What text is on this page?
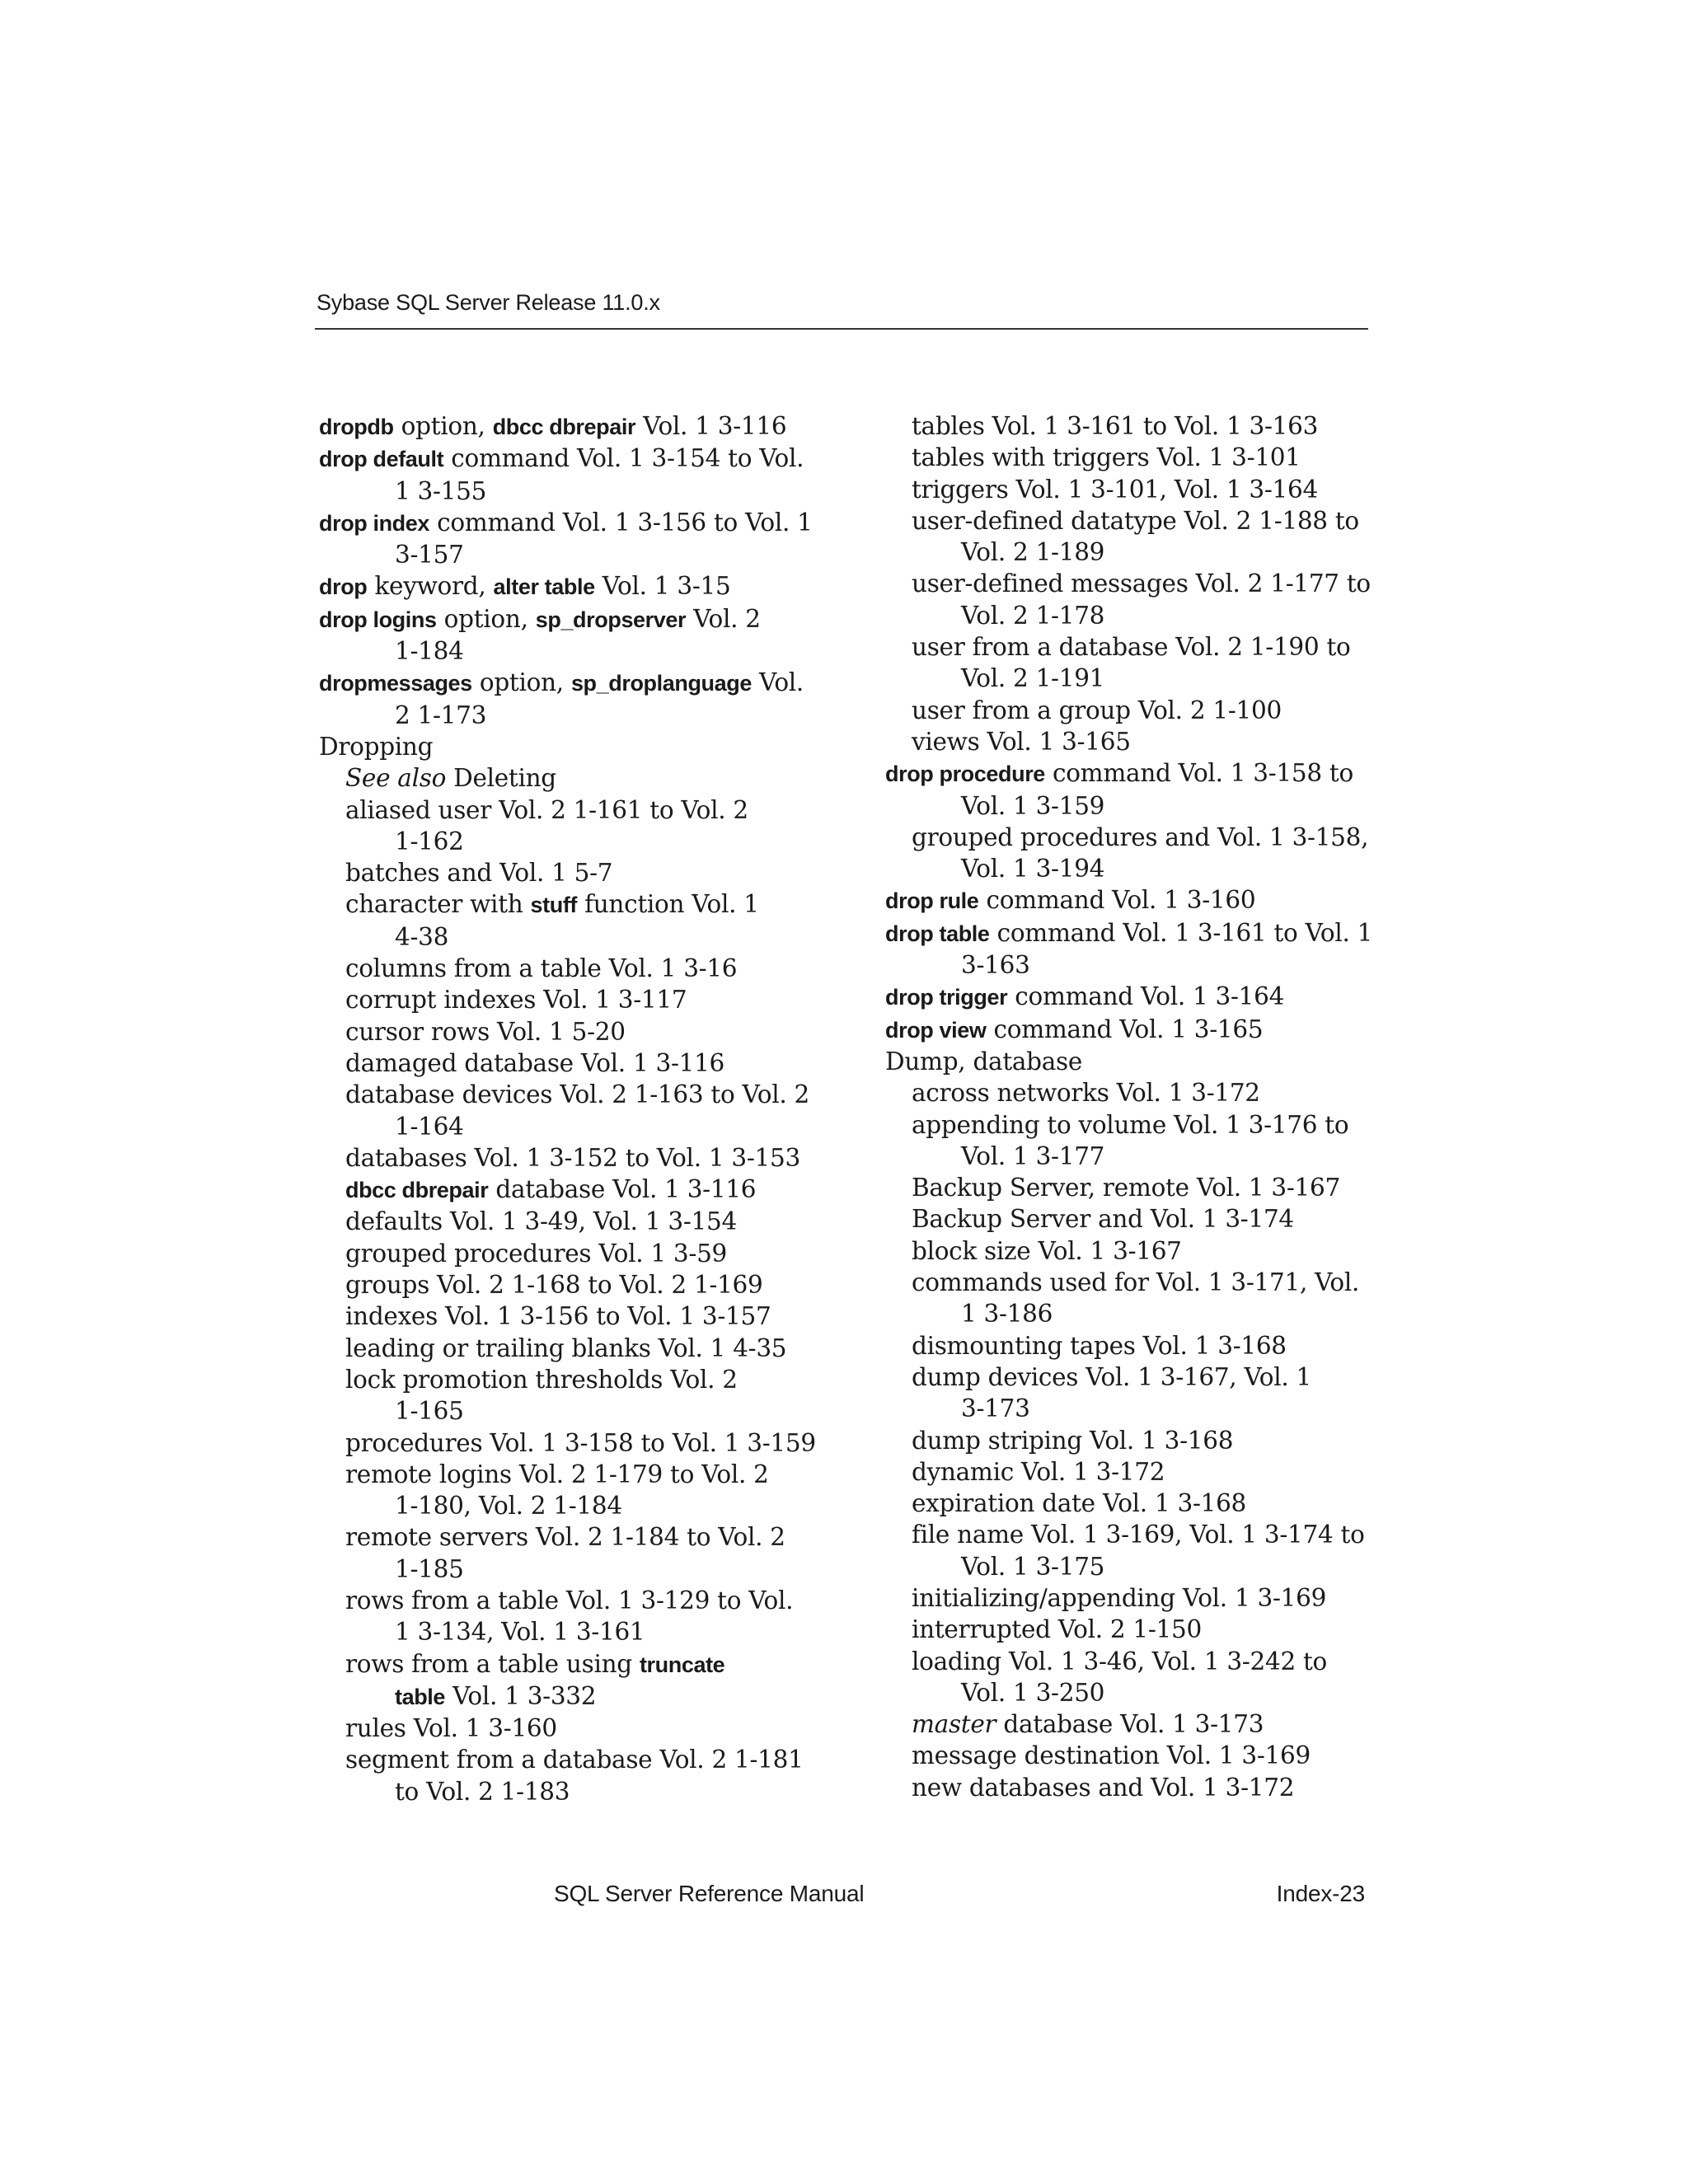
Sybase SQL Server Release 11.0.x
dropdb option, dbcc dbrepair Vol. 1 3-116
drop default command Vol. 1 3-154 to Vol.
1 3-155
drop index command Vol. 1 3-156 to Vol. 1
3-157
drop keyword, alter table Vol. 1 3-15
drop logins option, sp_dropserver Vol. 2
1-184
dropmessages option, sp_droplanguage Vol.
2 1-173
Dropping
See also Deleting
aliased user Vol. 2 1-161 to Vol. 2
1-162
batches and Vol. 1 5-7
character with stuff function Vol. 1
4-38
columns from a table Vol. 1 3-16
corrupt indexes Vol. 1 3-117
cursor rows Vol. 1 5-20
damaged database Vol. 1 3-116
database devices Vol. 2 1-163 to Vol. 2
1-164
databases Vol. 1 3-152 to Vol. 1 3-153
dbcc dbrepair database Vol. 1 3-116
defaults Vol. 1 3-49, Vol. 1 3-154
grouped procedures Vol. 1 3-59
groups Vol. 2 1-168 to Vol. 2 1-169
indexes Vol. 1 3-156 to Vol. 1 3-157
leading or trailing blanks Vol. 1 4-35
lock promotion thresholds Vol. 2
1-165
procedures Vol. 1 3-158 to Vol. 1 3-159
remote logins Vol. 2 1-179 to Vol. 2
1-180, Vol. 2 1-184
remote servers Vol. 2 1-184 to Vol. 2
1-185
rows from a table Vol. 1 3-129 to Vol.
1 3-134, Vol. 1 3-161
rows from a table using truncate
table Vol. 1 3-332
rules Vol. 1 3-160
segment from a database Vol. 2 1-181
to Vol. 2 1-183
tables Vol. 1 3-161 to Vol. 1 3-163
tables with triggers Vol. 1 3-101
triggers Vol. 1 3-101, Vol. 1 3-164
user-defined datatype Vol. 2 1-188 to
Vol. 2 1-189
user-defined messages Vol. 2 1-177 to
Vol. 2 1-178
user from a database Vol. 2 1-190 to
Vol. 2 1-191
user from a group Vol. 2 1-100
views Vol. 1 3-165
drop procedure command Vol. 1 3-158 to
Vol. 1 3-159
grouped procedures and Vol. 1 3-158,
Vol. 1 3-194
drop rule command Vol. 1 3-160
drop table command Vol. 1 3-161 to Vol. 1
3-163
drop trigger command Vol. 1 3-164
drop view command Vol. 1 3-165
Dump, database
across networks Vol. 1 3-172
appending to volume Vol. 1 3-176 to
Vol. 1 3-177
Backup Server, remote Vol. 1 3-167
Backup Server and Vol. 1 3-174
block size Vol. 1 3-167
commands used for Vol. 1 3-171, Vol.
1 3-186
dismounting tapes Vol. 1 3-168
dump devices Vol. 1 3-167, Vol. 1
3-173
dump striping Vol. 1 3-168
dynamic Vol. 1 3-172
expiration date Vol. 1 3-168
file name Vol. 1 3-169, Vol. 1 3-174 to
Vol. 1 3-175
initializing/appending Vol. 1 3-169
interrupted Vol. 2 1-150
loading Vol. 1 3-46, Vol. 1 3-242 to
Vol. 1 3-250
master database Vol. 1 3-173
message destination Vol. 1 3-169
new databases and Vol. 1 3-172
SQL Server Reference Manual	Index-23
